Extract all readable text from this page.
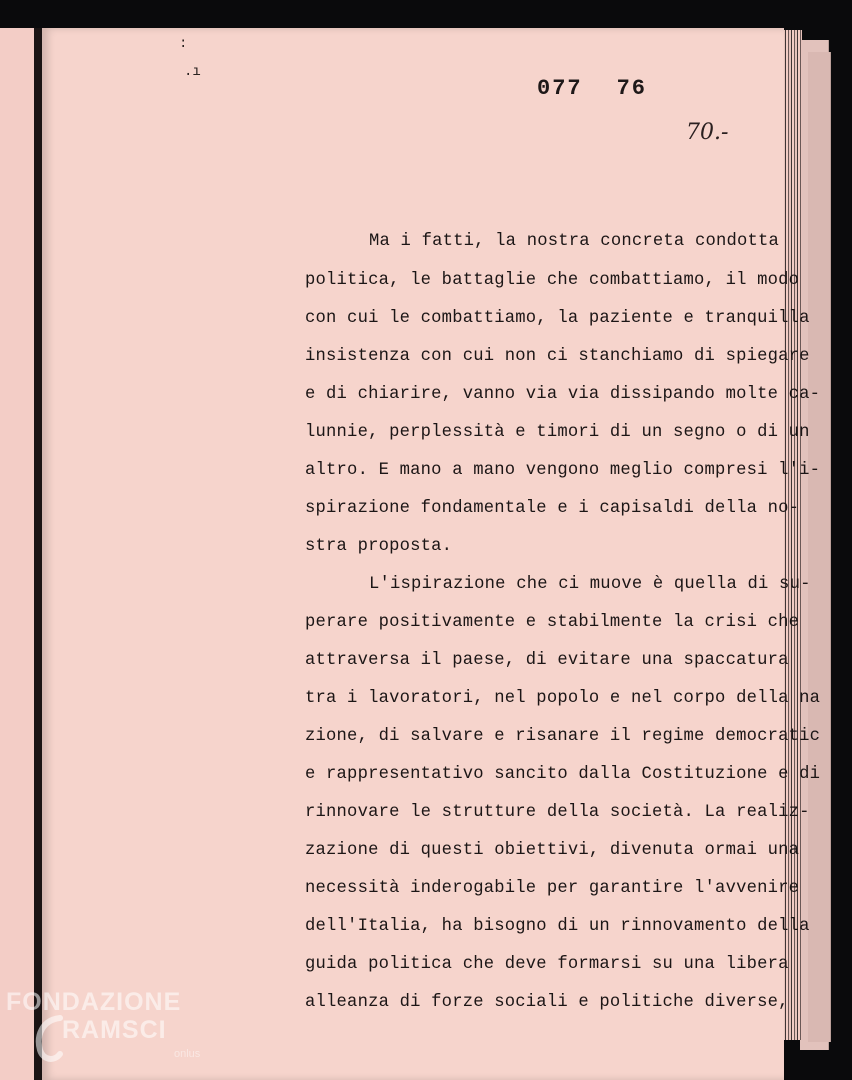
:
.ı
077 76
70.-
Ma i fatti, la nostra concreta condotta
politica, le battaglie che combattiamo, il modo
con cui le combattiamo, la paziente e tranquilla
insistenza con cui non ci stanchiamo di spiegare
e di chiarire, vanno via via dissipando molte ca-
lunnie, perplessità e timori di un segno o di un
altro. E mano a mano vengono meglio compresi l'i-
spirazione fondamentale e i capisaldi della no-
stra proposta.
L'ispirazione che ci muove è quella di su-
perare positivamente e stabilmente la crisi che
attraversa il paese, di evitare una spaccatura
tra i lavoratori, nel popolo e nel corpo della na
zione, di salvare e risanare il regime democratic
e rappresentativo sancito dalla Costituzione e di
rinnovare le strutture della società. La realiz-
zazione di questi obiettivi, divenuta ormai una
necessità inderogabile per garantire l'avvenire
dell'Italia, ha bisogno di un rinnovamento della
guida politica che deve formarsi su una libera
alleanza di forze sociali e politiche diverse,
FONDAZIONE
RAMSCI
onlus
